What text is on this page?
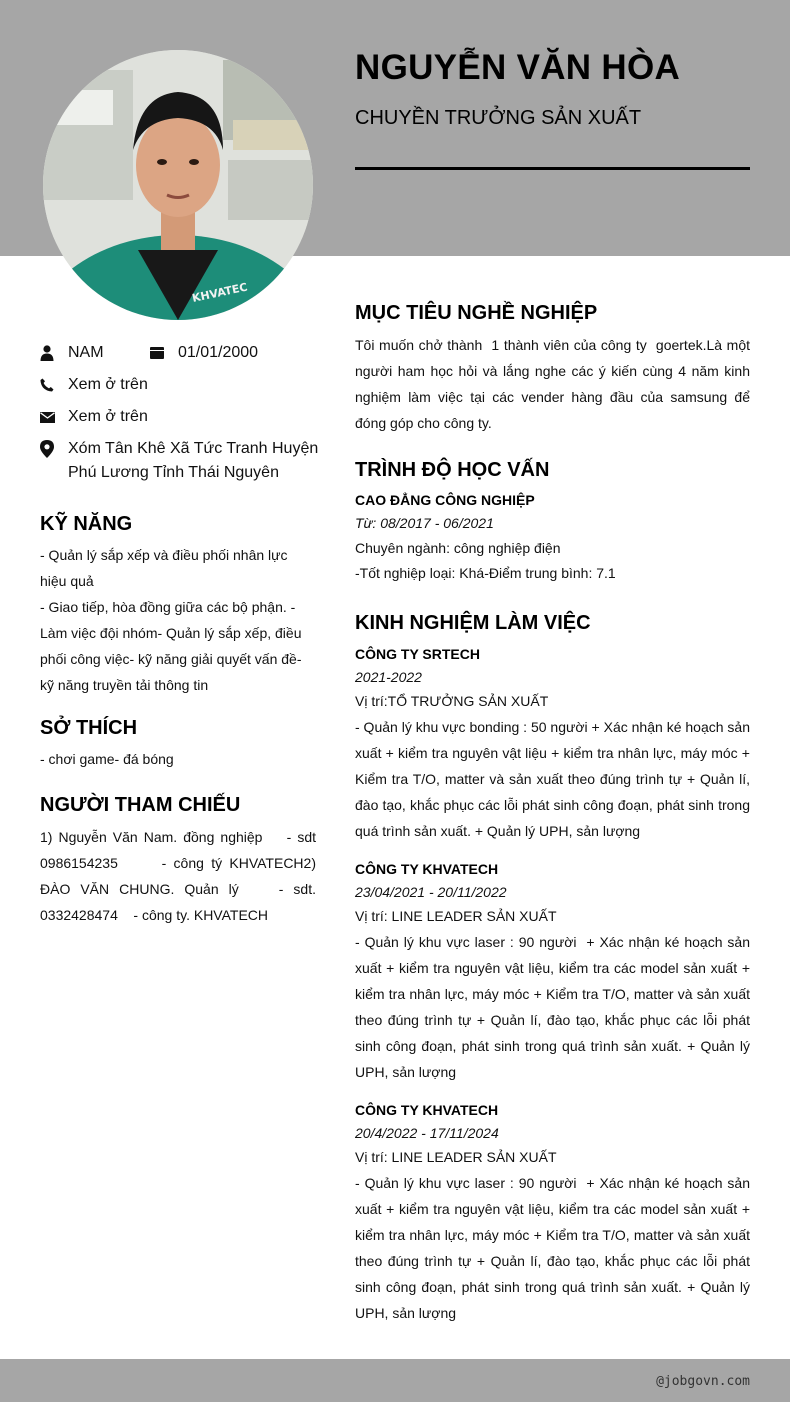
KHVATEC
NGUYỄN VĂN HÒA
CHUYỀN TRƯỞNG SẢN XUẤT
NAM	01/01/2000
Xem ở trên
Xem ở trên
Xóm Tân Khê Xã Tức Tranh Huyện
Phú Lương Tỉnh Thái Nguyên
KỸ NĂNG
- Quản lý sắp xếp và điều phối nhân lực hiệu quả
- Giao tiếp, hòa đồng giữa các bộ phận. - Làm việc đội nhóm- Quản lý sắp xếp, điều phối công việc- kỹ năng giải quyết vấn đề- kỹ năng truyền tải thông tin
SỞ THÍCH
- chơi game- đá bóng
NGƯỜI THAM CHIẾU
1) Nguyễn Văn Nam. đồng nghiệp    - sdt 0986154235      - công tý KHVATECH2) ĐÀO VĂN CHUNG. Quản lý    - sdt. 0332428474    - công ty. KHVATECH
MỤC TIÊU NGHỀ NGHIỆP
Tôi muốn chở thành  1 thành viên của công ty  goertek.Là một người ham học hỏi và lắng nghe các ý kiến cùng 4 năm kinh nghiệm làm việc tại các vender hàng đầu của samsung để đóng góp cho công ty.
TRÌNH ĐỘ HỌC VẤN
CAO ĐẲNG CÔNG NGHIỆP
Từ: 08/2017 - 06/2021
Chuyên ngành: công nghiệp điện
-Tốt nghiệp loại: Khá-Điểm trung bình: 7.1
KINH NGHIỆM LÀM VIỆC
CÔNG TY SRTECH
2021-2022
Vị trí:TỔ TRƯỞNG SẢN XUẤT
- Quản lý khu vực bonding : 50 người + Xác nhận ké hoạch sản xuất + kiểm tra nguyên vật liệu + kiểm tra nhân lực, máy móc + Kiểm tra T/O, matter và sản xuất theo đúng trình tự + Quản lí, đào tạo, khắc phục các lỗi phát sinh công đoạn, phát sinh trong quá trình sản xuất. + Quản lý UPH, sản lượng
CÔNG TY KHVATECH
23/04/2021 - 20/11/2022
Vị trí: LINE LEADER SẢN XUẤT
- Quản lý khu vực laser : 90 người  + Xác nhận ké hoạch sản xuất + kiểm tra nguyên vật liệu, kiểm tra các model sản xuất + kiểm tra nhân lực, máy móc + Kiểm tra T/O, matter và sản xuất theo đúng trình tự + Quản lí, đào tạo, khắc phục các lỗi phát sinh công đoạn, phát sinh trong quá trình sản xuất. + Quản lý UPH, sản lượng
CÔNG TY KHVATECH
20/4/2022 - 17/11/2024
Vị trí: LINE LEADER SẢN XUẤT
- Quản lý khu vực laser : 90 người  + Xác nhận ké hoạch sản xuất + kiểm tra nguyên vật liệu, kiểm tra các model sản xuất + kiểm tra nhân lực, máy móc + Kiểm tra T/O, matter và sản xuất theo đúng trình tự + Quản lí, đào tạo, khắc phục các lỗi phát sinh công đoạn, phát sinh trong quá trình sản xuất. + Quản lý UPH, sản lượng
@jobgovn.com
